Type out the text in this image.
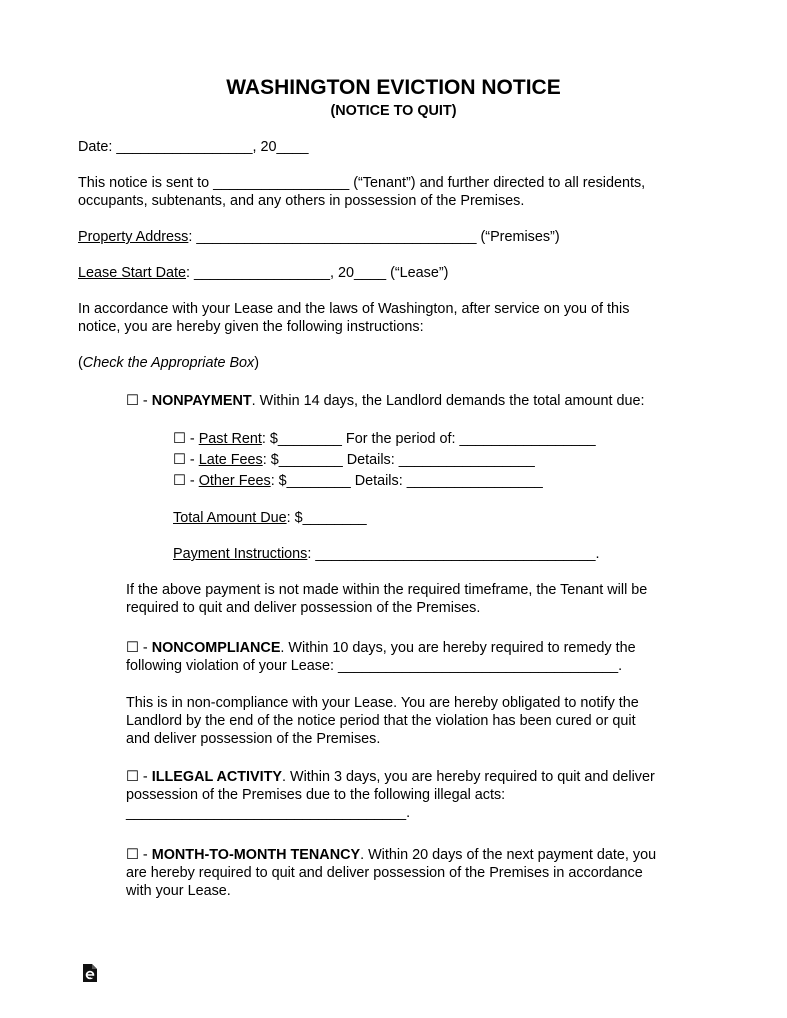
WASHINGTON EVICTION NOTICE
(NOTICE TO QUIT)
Date: _________________, 20____
This notice is sent to _________________ (“Tenant”) and further directed to all residents,
occupants, subtenants, and any others in possession of the Premises.
Property Address: ___________________________________ (“Premises”)
Lease Start Date: _________________, 20____ (“Lease”)
In accordance with your Lease and the laws of Washington, after service on you of this
notice, you are hereby given the following instructions:
(Check the Appropriate Box)
☐ - NONPAYMENT. Within 14 days, the Landlord demands the total amount due:
☐ - Past Rent: $________ For the period of: _________________
☐ - Late Fees: $________ Details: _________________
☐ - Other Fees: $________ Details: _________________
Total Amount Due: $________
Payment Instructions: ___________________________________.
If the above payment is not made within the required timeframe, the Tenant will be
required to quit and deliver possession of the Premises.
☐ - NONCOMPLIANCE. Within 10 days, you are hereby required to remedy the
following violation of your Lease: ___________________________________.
This is in non-compliance with your Lease. You are hereby obligated to notify the
Landlord by the end of the notice period that the violation has been cured or quit
and deliver possession of the Premises.
☐ - ILLEGAL ACTIVITY. Within 3 days, you are hereby required to quit and deliver
possession of the Premises due to the following illegal acts:
___________________________________.
☐ - MONTH-TO-MONTH TENANCY. Within 20 days of the next payment date, you
are hereby required to quit and deliver possession of the Premises in accordance
with your Lease.
